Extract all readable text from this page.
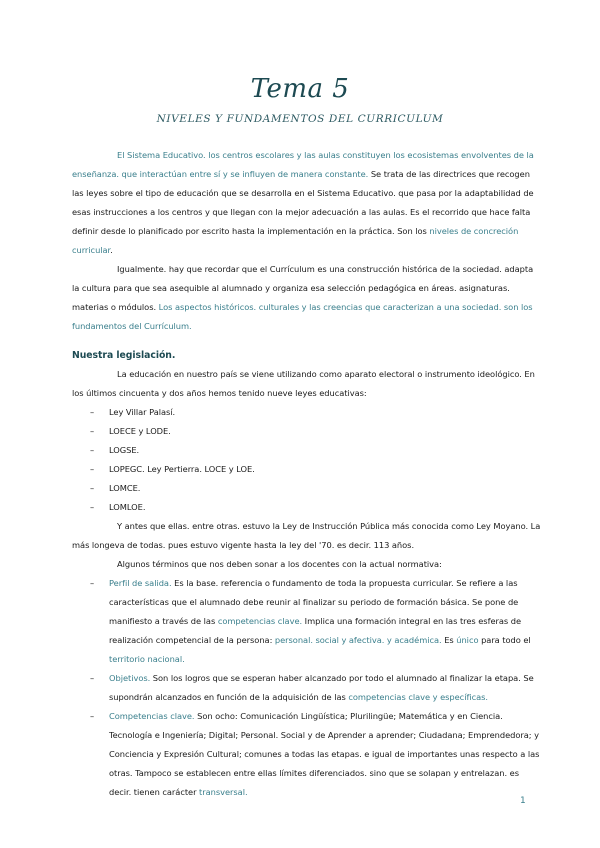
Tema 5
NIVELES Y FUNDAMENTOS DEL CURRICULUM

El Sistema Educativo. los centros escolares y las aulas constituyen los ecosistemas envolventes de la enseñanza. que interactúan entre sí y se influyen de manera constante. Se trata de las directrices que recogen las leyes sobre el tipo de educación que se desarrolla en el Sistema Educativo. que pasa por la adaptabilidad de esas instrucciones a los centros y que llegan con la mejor adecuación a las aulas. Es el recorrido que hace falta definir desde lo planificado por escrito hasta la implementación en la práctica. Son los niveles de concreción curricular.

Igualmente. hay que recordar que el Currículum es una construcción histórica de la sociedad. adapta la cultura para que sea asequible al alumnado y organiza esa selección pedagógica en áreas. asignaturas. materias o módulos. Los aspectos históricos. culturales y las creencias que caracterizan a una sociedad. son los fundamentos del Currículum.

Nuestra legislación.

La educación en nuestro país se viene utilizando como aparato electoral o instrumento ideológico. En los últimos cincuenta y dos años hemos tenido nueve leyes educativas:

– Ley Villar Palasí.
– LOECE y LODE.
– LOGSE.
– LOPEGC. Ley Pertierra. LOCE y LOE.
– LOMCE.
– LOMLOE.

Y antes que ellas. entre otras. estuvo la Ley de Instrucción Pública más conocida como Ley Moyano. La más longeva de todas. pues estuvo vigente hasta la ley del '70. es decir. 113 años.

Algunos términos que nos deben sonar a los docentes con la actual normativa:

– Perfil de salida. Es la base. referencia o fundamento de toda la propuesta curricular. Se refiere a las características que el alumnado debe reunir al finalizar su periodo de formación básica. Se pone de manifiesto a través de las competencias clave. Implica una formación integral en las tres esferas de realización competencial de la persona: personal. social y afectiva. y académica. Es único para todo el territorio nacional.
– Objetivos. Son los logros que se esperan haber alcanzado por todo el alumnado al finalizar la etapa. Se supondrán alcanzados en función de la adquisición de las competencias clave y específicas.
– Competencias clave. Son ocho: Comunicación Lingüística; Plurilingüe; Matemática y en Ciencia. Tecnología e Ingeniería; Digital; Personal. Social y de Aprender a aprender; Ciudadana; Emprendedora; y Conciencia y Expresión Cultural; comunes a todas las etapas. e igual de importantes unas respecto a las otras. Tampoco se establecen entre ellas límites diferenciados. sino que se solapan y entrelazan. es decir. tienen carácter transversal.
1
